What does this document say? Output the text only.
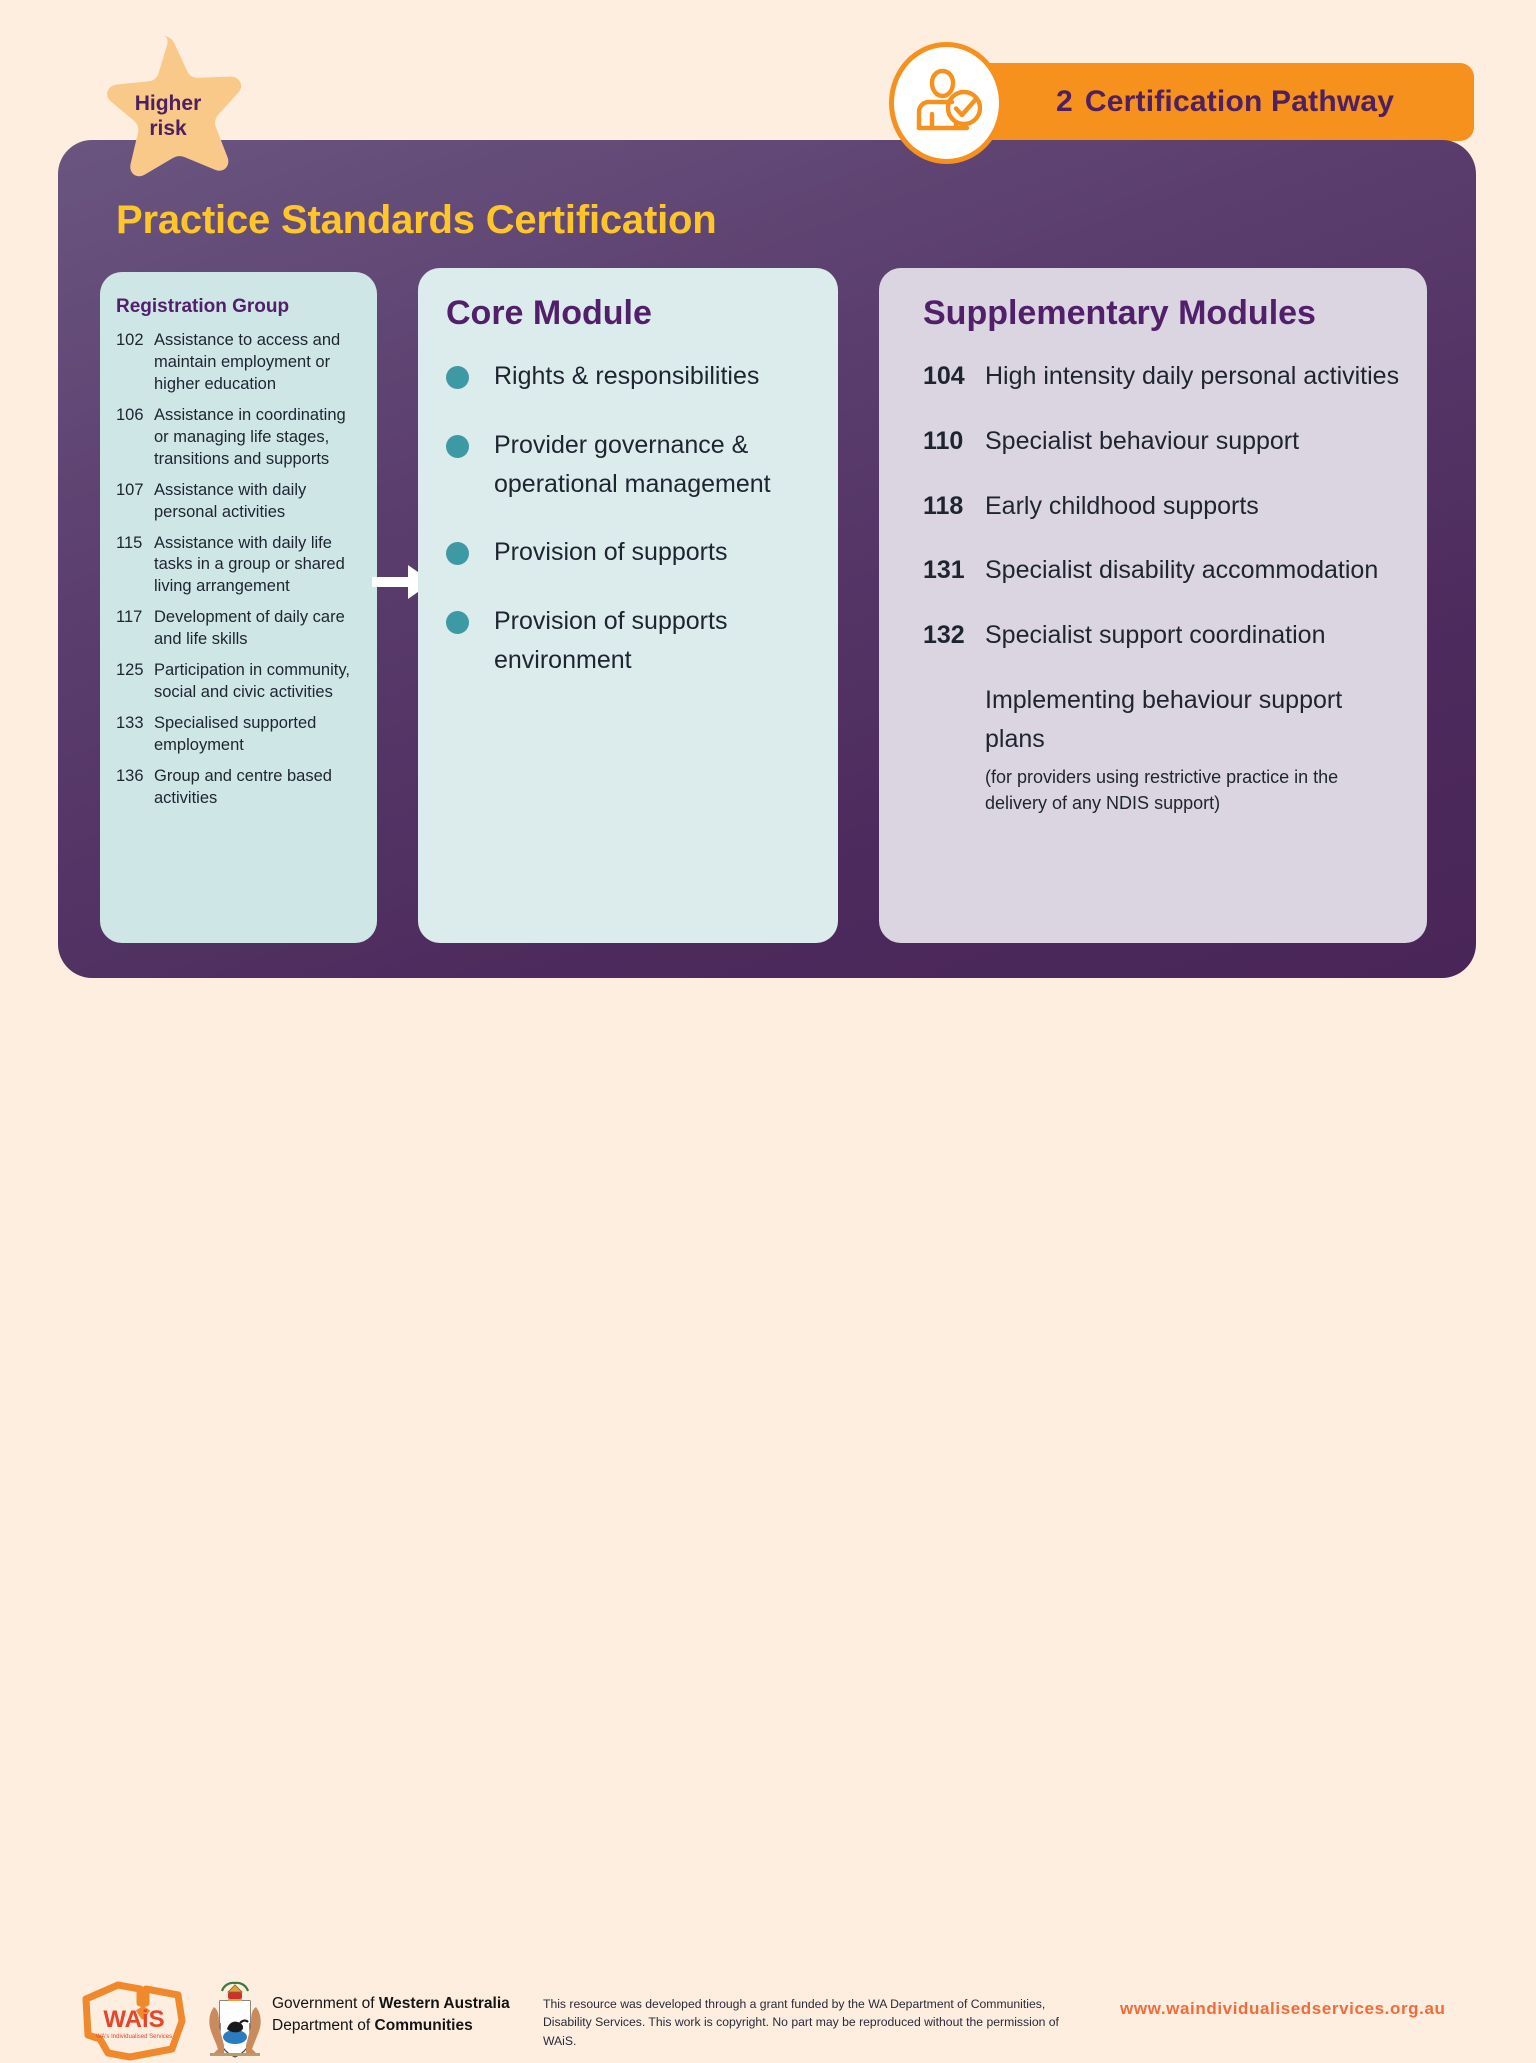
2 Certification Pathway
Practice Standards Certification
Higher
risk
Registration Group
102 Assistance to access and maintain employment or higher education
106 Assistance in coordinating or managing life stages, transitions and supports
107 Assistance with daily personal activities
115 Assistance with daily life tasks in a group or shared living arrangement
117 Development of daily care and life skills
125 Participation in community, social and civic activities
133 Specialised supported employment
136 Group and centre based activities
Core Module
Rights & responsibilities
Provider governance & operational management
Provision of supports
Provision of supports environment
Supplementary Modules
104 High intensity daily personal activities
110 Specialist behaviour support
118 Early childhood supports
131 Specialist disability accommodation
132 Specialist support coordination
Implementing behaviour support plans
(for providers using restrictive practice in the delivery of any NDIS support)
WAiS
WA's Individualised Services
Government of Western Australia
Department of Communities
This resource was developed through a grant funded by the WA Department of Communities, Disability Services. This work is copyright. No part may be reproduced without the permission of WAiS.
www.waindividualisedservices.org.au
